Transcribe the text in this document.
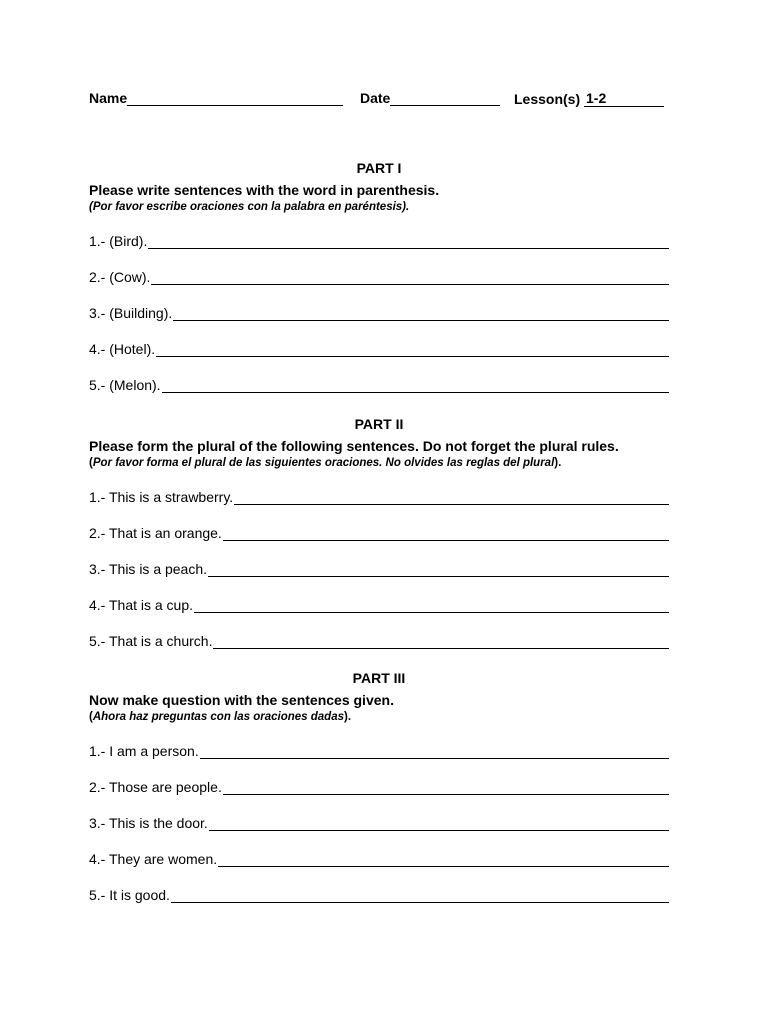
Name	Date	Lesson(s)
1-2
PART I
Please write sentences with the word in parenthesis.
(Por favor escribe oraciones con la palabra en paréntesis).
1.- (Bird).
2.- (Cow).
3.- (Building).
4.- (Hotel).
5.- (Melon).
PART II
Please form the plural of the following sentences. Do not forget the plural rules.
(Por favor forma el plural de las siguientes oraciones. No olvides las reglas del plural).
1.- This is a strawberry.
2.- That is an orange.
3.- This is a peach.
4.- That is a cup.
5.- That is a church.
PART III
Now make question with the sentences given.
(Ahora haz preguntas con las oraciones dadas).
1.- I am a person.
2.- Those are people.
3.- This is the door.
4.- They are women.
5.- It is good.
